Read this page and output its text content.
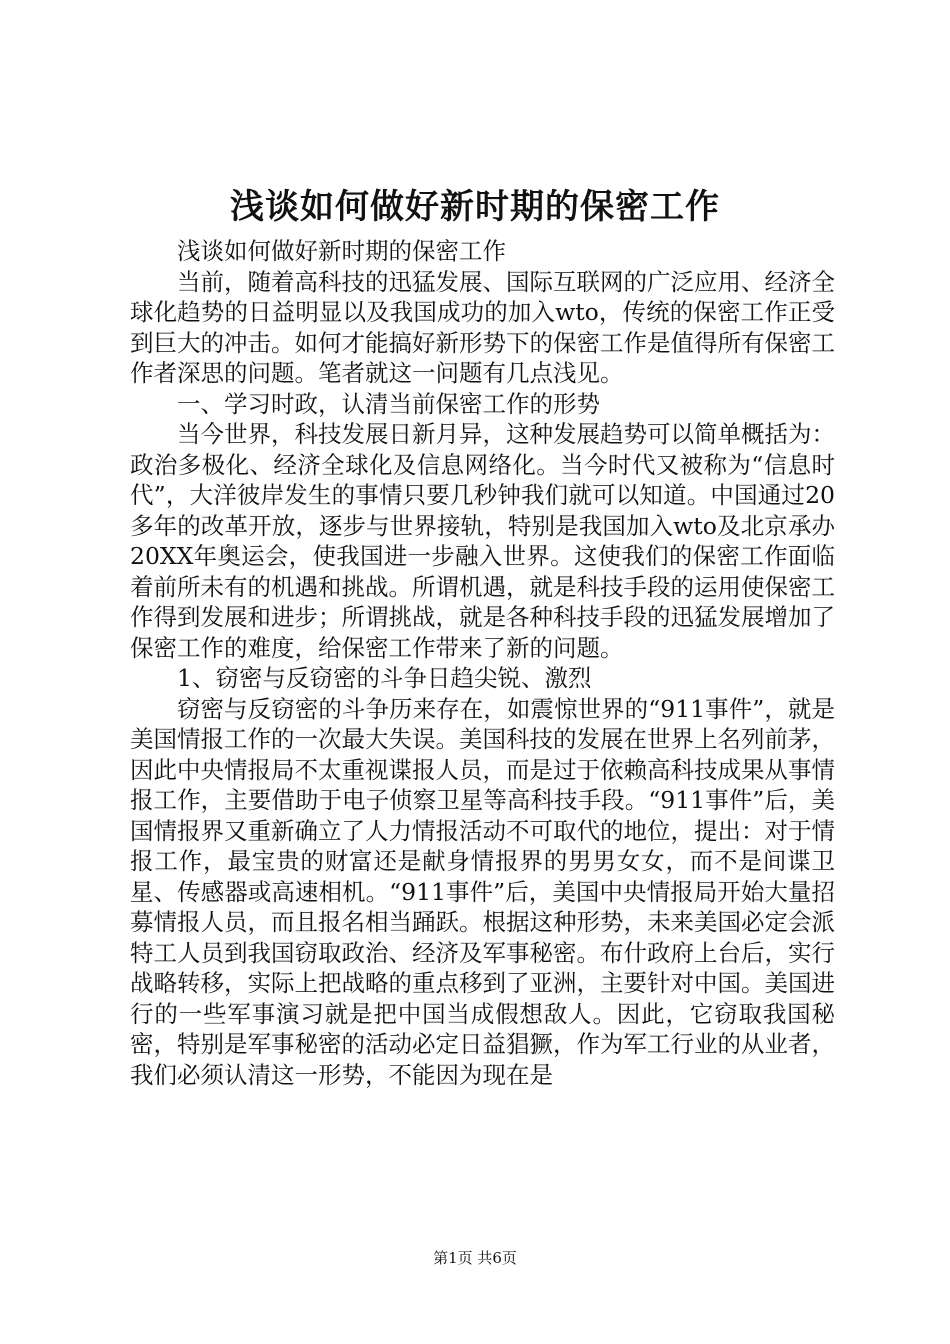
浅谈如何做好新时期的保密工作

浅谈如何做好新时期的保密工作

当前，随着高科技的迅猛发展、国际互联网的广泛应用、经济全球化趋势的日益明显以及我国成功的加入wto，传统的保密工作正受到巨大的冲击。如何才能搞好新形势下的保密工作是值得所有保密工作者深思的问题。笔者就这一问题有几点浅见。

一、学习时政，认清当前保密工作的形势

当今世界，科技发展日新月异，这种发展趋势可以简单概括为：政治多极化、经济全球化及信息网络化。当今时代又被称为“信息时代”，大洋彼岸发生的事情只要几秒钟我们就可以知道。中国通过20多年的改革开放，逐步与世界接轨，特别是我国加入wto及北京承办20XX年奥运会，使我国进一步融入世界。这使我们的保密工作面临着前所未有的机遇和挑战。所谓机遇，就是科技手段的运用使保密工作得到发展和进步；所谓挑战，就是各种科技手段的迅猛发展增加了保密工作的难度，给保密工作带来了新的问题。

1、窃密与反窃密的斗争日趋尖锐、激烈

窃密与反窃密的斗争历来存在，如震惊世界的“911事件”，就是美国情报工作的一次最大失误。美国科技的发展在世界上名列前茅，因此中央情报局不太重视谍报人员，而是过于依赖高科技成果从事情报工作，主要借助于电子侦察卫星等高科技手段。“911事件”后，美国情报界又重新确立了人力情报活动不可取代的地位，提出：对于情报工作，最宝贵的财富还是献身情报界的男男女女，而不是间谍卫星、传感器或高速相机。“911事件”后，美国中央情报局开始大量招募情报人员，而且报名相当踊跃。根据这种形势，未来美国必定会派特工人员到我国窃取政治、经济及军事秘密。布什政府上台后，实行战略转移，实际上把战略的重点移到了亚洲，主要针对中国。美国进行的一些军事演习就是把中国当成假想敌人。因此，它窃取我国秘密，特别是军事秘密的活动必定日益猖獗，作为军工行业的从业者，我们必须认清这一形势，不能因为现在是

第1页 共6页
